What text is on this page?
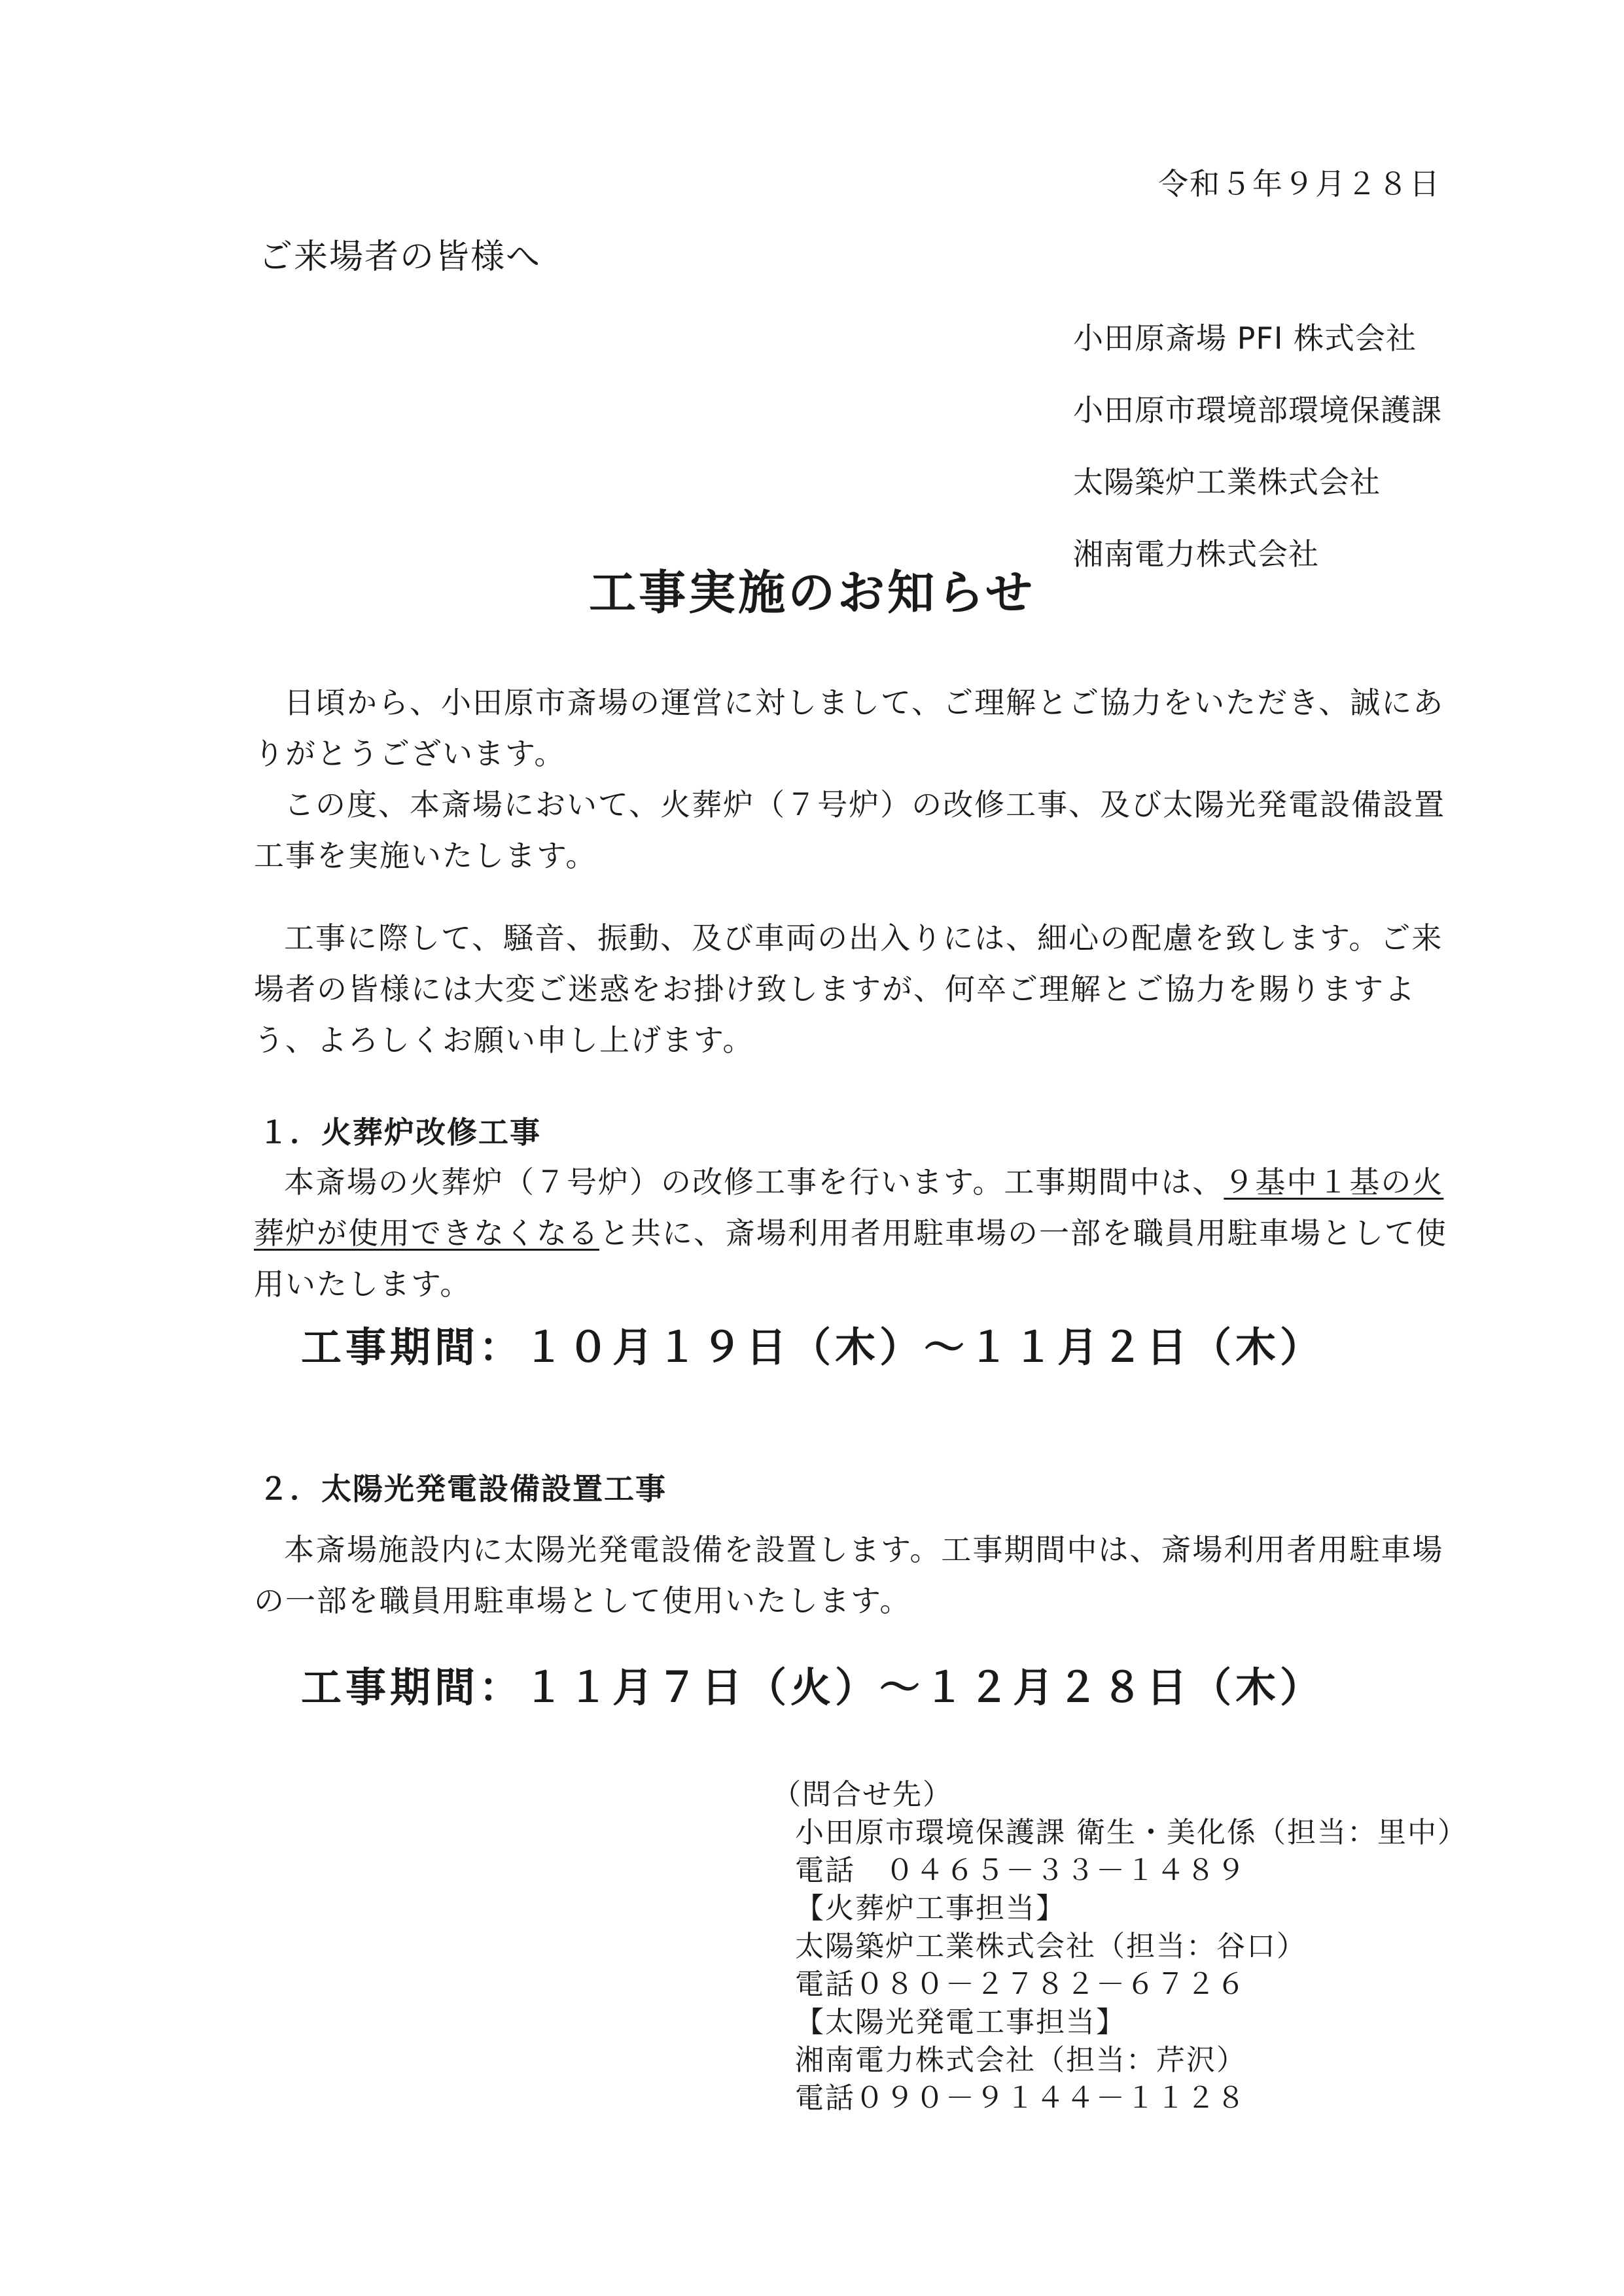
令和５年９月２８日
ご来場者の皆様へ
小田原斎場 PFI 株式会社
小田原市環境部環境保護課
太陽築炉工業株式会社
湘南電力株式会社
工事実施のお知らせ

日頃から、小田原市斎場の運営に対しまして、ご理解とご協力をいただき、誠にありがとうございます。

この度、本斎場において、火葬炉（７号炉）の改修工事、及び太陽光発電設備設置工事を実施いたします。

工事に際して、騒音、振動、及び車両の出入りには、細心の配慮を致します。ご来場者の皆様には大変ご迷惑をお掛け致しますが、何卒ご理解とご協力を賜りますよう、よろしくお願い申し上げます。

１．火葬炉改修工事

本斎場の火葬炉（７号炉）の改修工事を行います。工事期間中は、９基中１基の火葬炉が使用できなくなると共に、斎場利用者用駐車場の一部を職員用駐車場として使用いたします。

工事期間：１０月１９日（木）～１１月２日（木）
２．太陽光発電設備設置工事

本斎場施設内に太陽光発電設備を設置します。工事期間中は、斎場利用者用駐車場の一部を職員用駐車場として使用いたします。

工事期間：１１月７日（火）～１２月２８日（木）
（問合せ先）
小田原市環境保護課 衛生・美化係（担当：里中）
電話　０４６５－３３－１４８９
【火葬炉工事担当】
太陽築炉工業株式会社（担当：谷口）
電話０８０－２７８２－６７２６
【太陽光発電工事担当】
湘南電力株式会社（担当：芹沢）
電話０９０－９１４４－１１２８
